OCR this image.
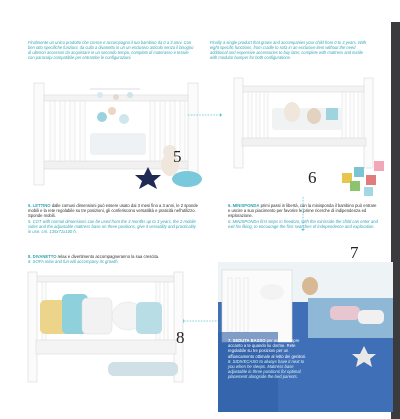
Finalmente un unico prodotto che cresce e accompagna il tuo bambino da 0 a 3 anni. Con ben otto specifiche funzioni, da culla a divanetto in un un esclusivo articolo senza il bisogno di ulteriori accessori da acquistare in un secondo tempo, completo di materasso e tessile con paracolpi compatibile per entrambe le configurazioni.
Finally a single product that grows and accompanies your child from 0 to 3 years. With eight specific functions, from cradle to sofa in an exclusive item without the need additional and expensive accessories to buy later, complete with mattress and textile with modular bumper for both configurations.
5
6
5. LETTINO dalle comuni dimensioni può essere usato dai 3 mesi fino a 3 anni, le 2 sponde mobili e la rete regolabile su tre posizioni, gli conferiscono versatilità e praticità nell'utilizzo. Sponde mobili.
5. COT with normal dimensions can be used from the 3 months up to 3 years, the 2 mobile sides and the adjustable mattress base on three positions, give it versatility and practicality in use. cm. 135x71x100 h.
6. MINISPONDA primi passi in libertà, con la minisponda il bambino può entrare e uscire a suo piacimento per favorire le prime ricerche di indipendenza ed esplorazione.
6. MINISPONDA first steps in freedom, with the minisside the child can enter and exit his liking, to encourage the first searches of independence and exploration.
8. DIVANETTO relax e divertimento accompagneranno la sua crescita.
8. SOFA relax and fun will accompany its growth.	7
8	7. SEDUTA BASSO per avere sempre accanto a te quando lui dorme. Rete regolabile su tre posizioni per un affiancamento ottimale al letto dei genitori.
8. SIDIVECASO to always have it next to you when he sleeps. Mattress base adjustable in three positions for optimal placement alongside the bed parents.
